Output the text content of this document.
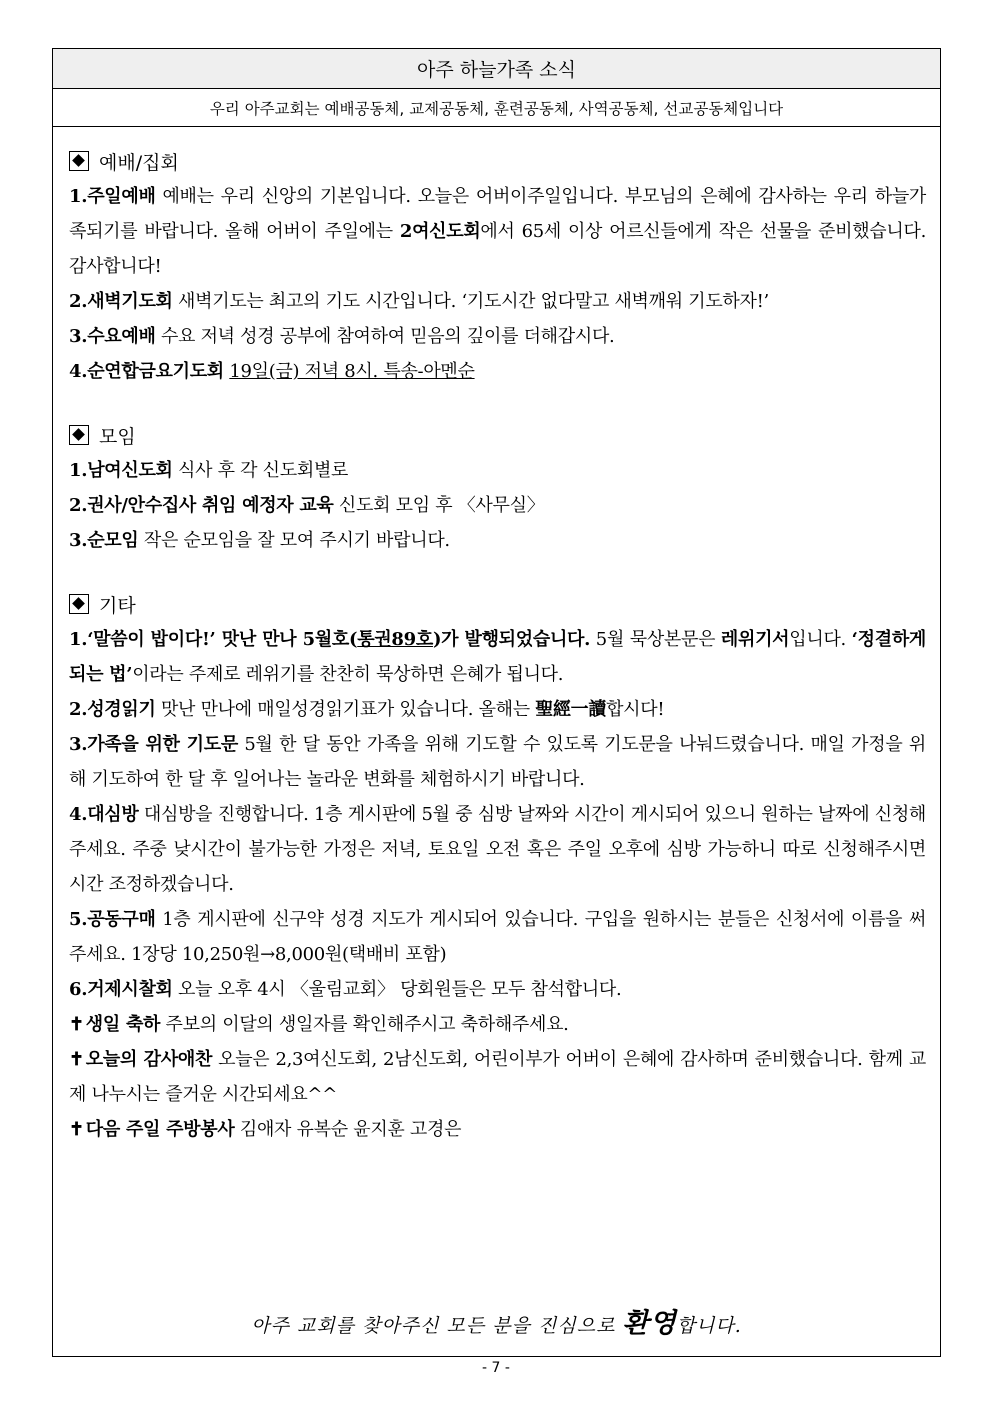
아주 하늘가족 소식
우리 아주교회는 예배공동체, 교제공동체, 훈련공동체, 사역공동체, 선교공동체입니다
예배/집회

1.주일예배 예배는 우리 신앙의 기본입니다. 오늘은 어버이주일입니다. 부모님의 은혜에 감사하는 우리 하늘가족되기를 바랍니다. 올해 어버이 주일에는 2여신도회에서 65세 이상 어르신들에게 작은 선물을 준비했습니다. 감사합니다!

2.새벽기도회 새벽기도는 최고의 기도 시간입니다. ‘기도시간 없다말고 새벽깨워 기도하자!’

3.수요예배 수요 저녁 성경 공부에 참여하여 믿음의 깊이를 더해갑시다.

4.순연합금요기도회 19일(금) 저녁 8시. 특송-아멘순

모임

1.남여신도회 식사 후 각 신도회별로

2.권사/안수집사 취임 예정자 교육 신도회 모임 후 〈사무실〉

3.순모임 작은 순모임을 잘 모여 주시기 바랍니다.

기타

1.‘말씀이 밥이다!’ 맛난 만나 5월호(통권89호)가 발행되었습니다. 5월 묵상본문은 레위기서입니다. ‘정결하게 되는 법’이라는 주제로 레위기를 찬찬히 묵상하면 은혜가 됩니다.

2.성경읽기 맛난 만나에 매일성경읽기표가 있습니다. 올해는 聖經一讀합시다!

3.가족을 위한 기도문 5월 한 달 동안 가족을 위해 기도할 수 있도록 기도문을 나눠드렸습니다. 매일 가정을 위해 기도하여 한 달 후 일어나는 놀라운 변화를 체험하시기 바랍니다.

4.대심방 대심방을 진행합니다. 1층 게시판에 5월 중 심방 날짜와 시간이 게시되어 있으니 원하는 날짜에 신청해주세요. 주중 낮시간이 불가능한 가정은 저녁, 토요일 오전 혹은 주일 오후에 심방 가능하니 따로 신청해주시면 시간 조정하겠습니다.

5.공동구매 1층 게시판에 신구약 성경 지도가 게시되어 있습니다. 구입을 원하시는 분들은 신청서에 이름을 써주세요. 1장당 10,250원→8,000원(택배비 포함)

6.거제시찰회 오늘 오후 4시 〈울림교회〉 당회원들은 모두 참석합니다.

✝ 생일 축하 주보의 이달의 생일자를 확인해주시고 축하해주세요.

✝ 오늘의 감사애찬 오늘은 2,3여신도회, 2남신도회, 어린이부가 어버이 은혜에 감사하며 준비했습니다. 함께 교제 나누시는 즐거운 시간되세요^^

✝ 다음 주일 주방봉사 김애자 유복순 윤지훈 고경은

아주 교회를 찾아주신 모든 분을 진심으로 환영합니다.
- 7 -
